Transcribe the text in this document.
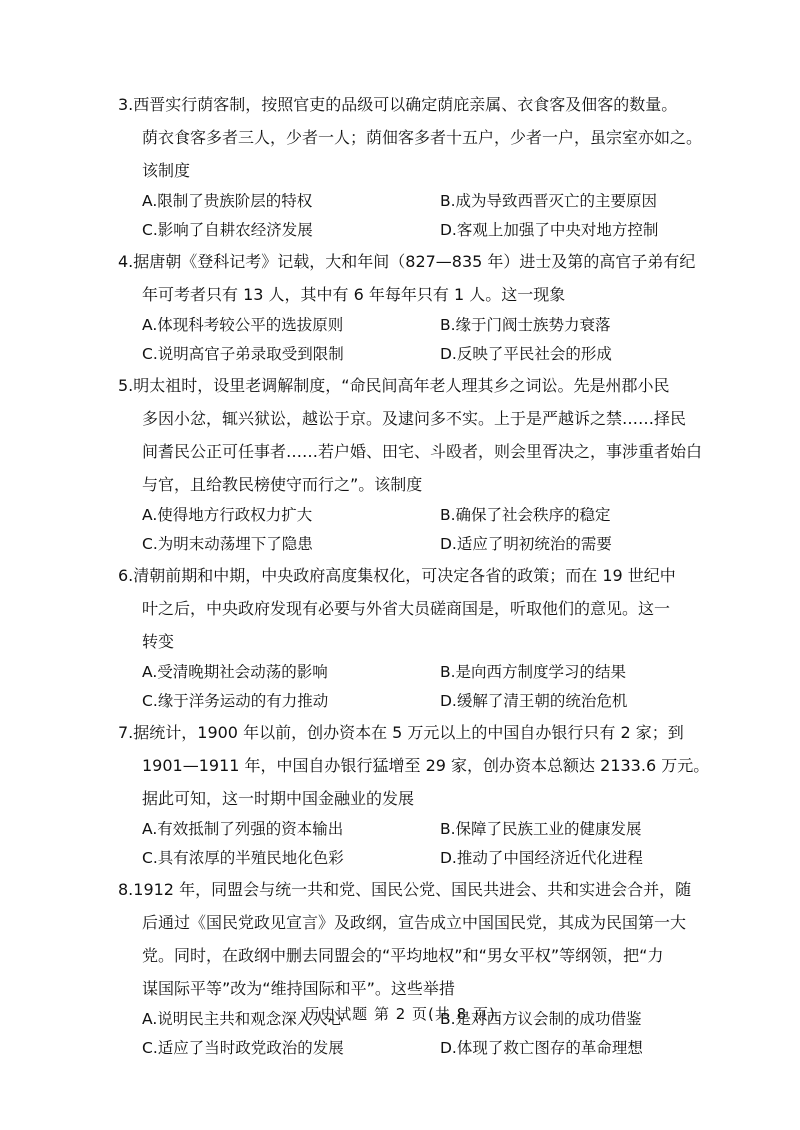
3.西晋实行荫客制，按照官吏的品级可以确定荫庇亲属、衣食客及佃客的数量。
荫衣食客多者三人，少者一人；荫佃客多者十五户，少者一户，虽宗室亦如之。
该制度
A.限制了贵族阶层的特权	B.成为导致西晋灭亡的主要原因
C.影响了自耕农经济发展	D.客观上加强了中央对地方控制
4.据唐朝《登科记考》记载，大和年间（827—835 年）进士及第的高官子弟有纪
年可考者只有 13 人，其中有 6 年每年只有 1 人。这一现象
A.体现科考较公平的选拔原则	B.缘于门阀士族势力衰落
C.说明高官子弟录取受到限制	D.反映了平民社会的形成
5.明太祖时，设里老调解制度，“命民间高年老人理其乡之词讼。先是州郡小民
多因小忿，辄兴狱讼，越讼于京。及逮问多不实。上于是严越诉之禁……择民
间耆民公正可任事者……若户婚、田宅、斗殴者，则会里胥决之，事涉重者始白
与官，且给教民榜使守而行之”。该制度
A.使得地方行政权力扩大	B.确保了社会秩序的稳定
C.为明末动荡埋下了隐患	D.适应了明初统治的需要
6.清朝前期和中期，中央政府高度集权化，可决定各省的政策；而在 19 世纪中
叶之后，中央政府发现有必要与外省大员磋商国是，听取他们的意见。这一
转变
A.受清晚期社会动荡的影响	B.是向西方制度学习的结果
C.缘于洋务运动的有力推动	D.缓解了清王朝的统治危机
7.据统计，1900 年以前，创办资本在 5 万元以上的中国自办银行只有 2 家；到
1901—1911 年，中国自办银行猛增至 29 家，创办资本总额达 2133.6 万元。
据此可知，这一时期中国金融业的发展
A.有效抵制了列强的资本输出	B.保障了民族工业的健康发展
C.具有浓厚的半殖民地化色彩	D.推动了中国经济近代化进程
8.1912 年，同盟会与统一共和党、国民公党、国民共进会、共和实进会合并，随
后通过《国民党政见宣言》及政纲，宣告成立中国国民党，其成为民国第一大
党。同时，在政纲中删去同盟会的“平均地权”和“男女平权”等纲领，把“力
谋国际平等”改为“维持国际和平”。这些举措
A.说明民主共和观念深入人心	B.是对西方议会制的成功借鉴
C.适应了当时政党政治的发展	D.体现了救亡图存的革命理想
历史试题 第 2 页(共 8 页)
